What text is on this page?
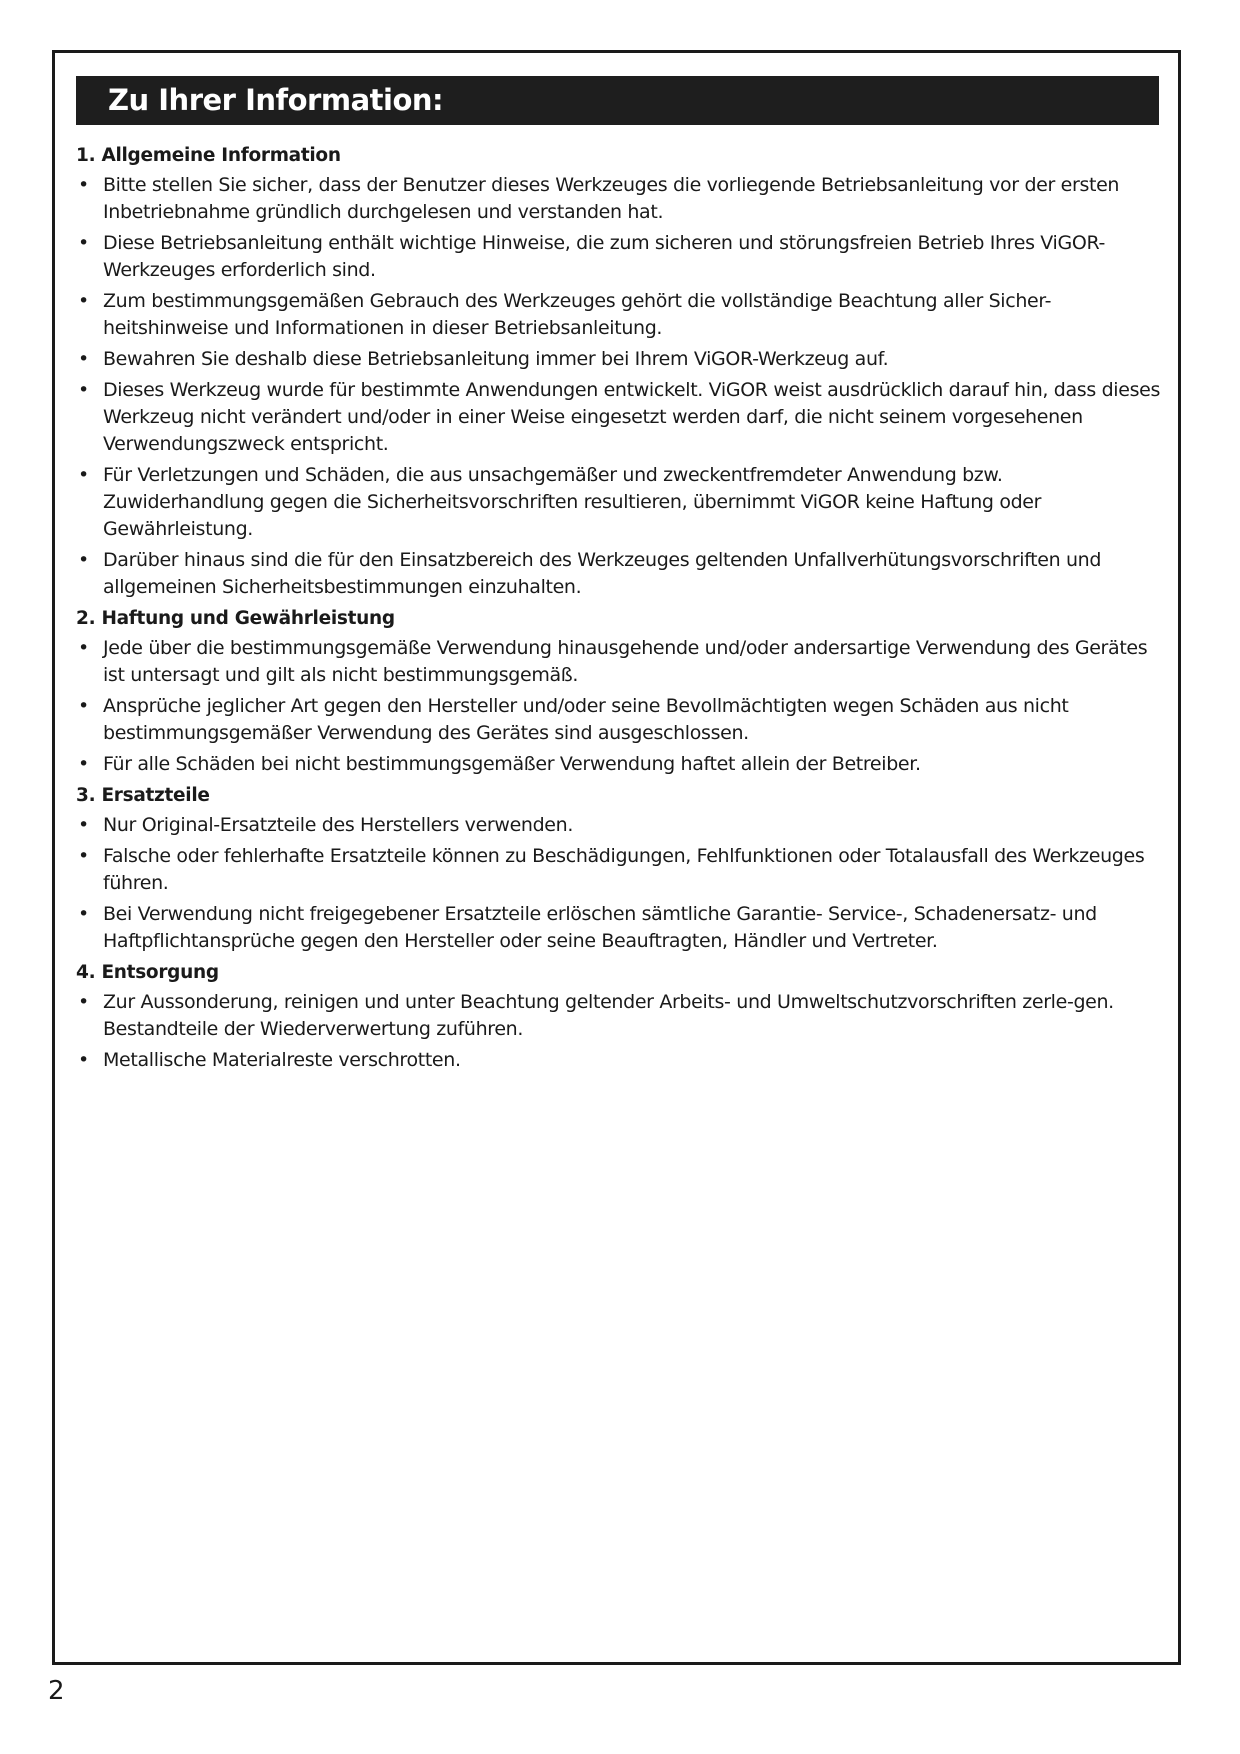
Zu Ihrer Information:
1. Allgemeine Information
• Bitte stellen Sie sicher, dass der Benutzer dieses Werkzeuges die vorliegende Betriebsanleitung vor der ersten Inbetriebnahme gründlich durchgelesen und verstanden hat.
• Diese Betriebsanleitung enthält wichtige Hinweise, die zum sicheren und störungsfreien Betrieb Ihres ViGOR-Werkzeuges erforderlich sind.
• Zum bestimmungsgemäßen Gebrauch des Werkzeuges gehört die vollständige Beachtung aller Sicher-heitshinweise und Informationen in dieser Betriebsanleitung.
• Bewahren Sie deshalb diese Betriebsanleitung immer bei Ihrem ViGOR-Werkzeug auf.
• Dieses Werkzeug wurde für bestimmte Anwendungen entwickelt. ViGOR weist ausdrücklich darauf hin, dass dieses Werkzeug nicht verändert und/oder in einer Weise eingesetzt werden darf, die nicht seinem vorgesehenen Verwendungszweck entspricht.
• Für Verletzungen und Schäden, die aus unsachgemäßer und zweckentfremdeter Anwendung bzw. Zuwiderhandlung gegen die Sicherheitsvorschriften resultieren, übernimmt ViGOR keine Haftung oder Gewährleistung.
• Darüber hinaus sind die für den Einsatzbereich des Werkzeuges geltenden Unfallverhütungsvorschriften und allgemeinen Sicherheitsbestimmungen einzuhalten.
2. Haftung und Gewährleistung
• Jede über die bestimmungsgemäße Verwendung hinausgehende und/oder andersartige Verwendung des Gerätes ist untersagt und gilt als nicht bestimmungsgemäß.
• Ansprüche jeglicher Art gegen den Hersteller und/oder seine Bevollmächtigten wegen Schäden aus nicht bestimmungsgemäßer Verwendung des Gerätes sind ausgeschlossen.
• Für alle Schäden bei nicht bestimmungsgemäßer Verwendung haftet allein der Betreiber.
3. Ersatzteile
• Nur Original-Ersatzteile des Herstellers verwenden.
• Falsche oder fehlerhafte Ersatzteile können zu Beschädigungen, Fehlfunktionen oder Totalausfall des Werkzeuges führen.
• Bei Verwendung nicht freigegebener Ersatzteile erlöschen sämtliche Garantie- Service-, Schadenersatz- und Haftpflichtansprüche gegen den Hersteller oder seine Beauftragten, Händler und Vertreter.
4. Entsorgung
• Zur Aussonderung, reinigen und unter Beachtung geltender Arbeits- und Umweltschutzvorschriften zerle-gen. Bestandteile der Wiederverwertung zuführen.
• Metallische Materialreste verschrotten.
2
